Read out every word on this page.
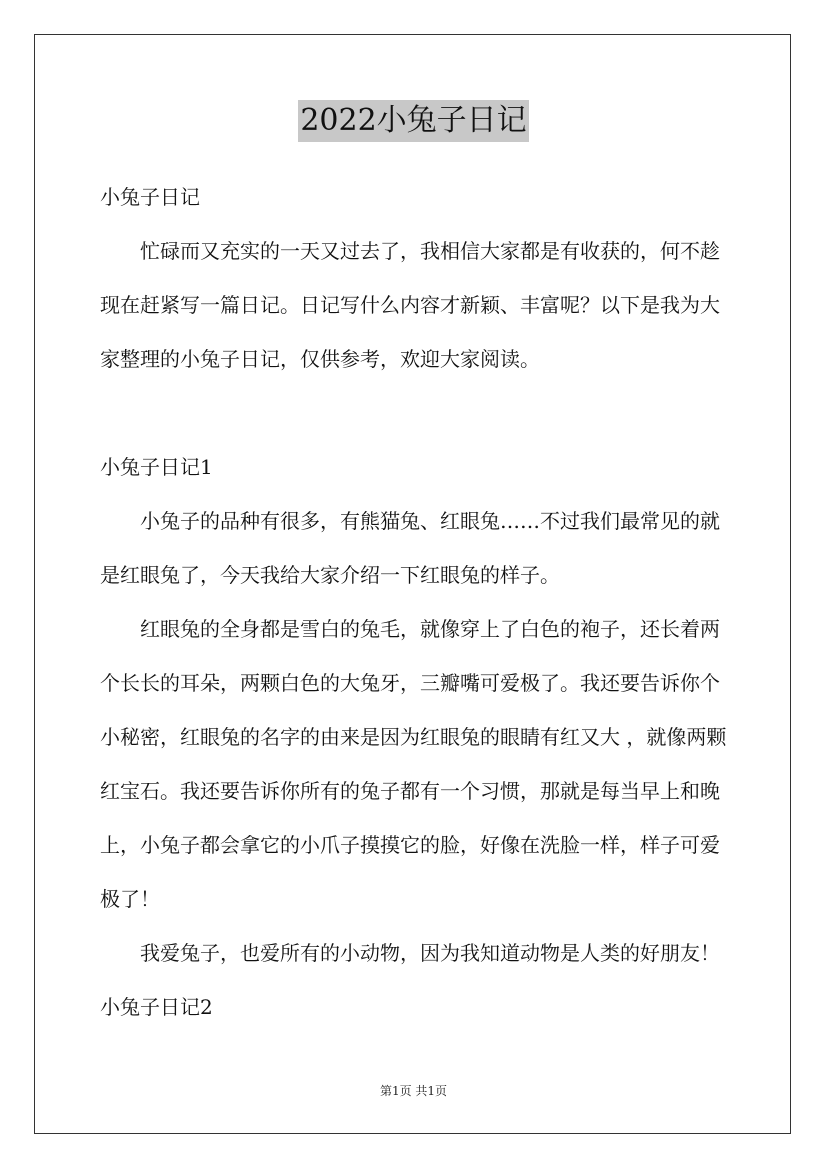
2022小兔子日记

小兔子日记

忙碌而又充实的一天又过去了，我相信大家都是有收获的，何不趁现在赶紧写一篇日记。日记写什么内容才新颖、丰富呢？以下是我为大家整理的小兔子日记，仅供参考，欢迎大家阅读。

小兔子日记1

小兔子的品种有很多，有熊猫兔、红眼兔……不过我们最常见的就是红眼兔了，今天我给大家介绍一下红眼兔的样子。

红眼兔的全身都是雪白的兔毛，就像穿上了白色的袍子，还长着两个长长的耳朵，两颗白色的大兔牙，三瓣嘴可爱极了。我还要告诉你个小秘密，红眼兔的名字的由来是因为红眼兔的眼睛有红又大 ，就像两颗红宝石。我还要告诉你所有的兔子都有一个习惯，那就是每当早上和晚上，小兔子都会拿它的小爪子摸摸它的脸，好像在洗脸一样，样子可爱极了！

我爱兔子，也爱所有的小动物，因为我知道动物是人类的好朋友！

小兔子日记2

第1页 共1页
